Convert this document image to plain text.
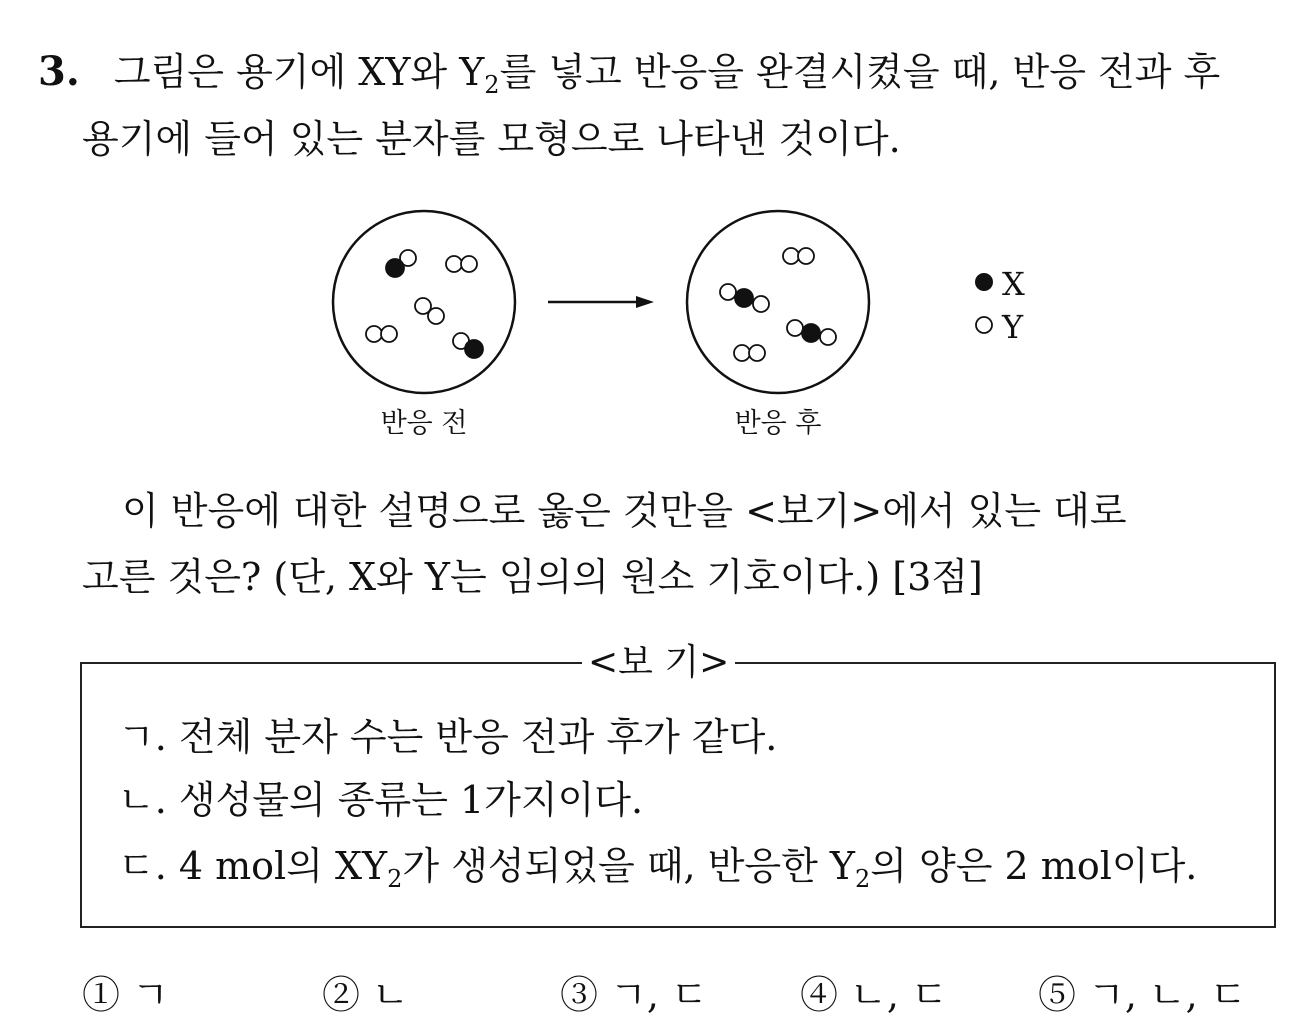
3. 그림은 용기에 XY와 $Y_2$를 넣고 반응을 완결시켰을 때, 반응 전과 후
용기에 들어 있는 분자를 모형으로 나타낸 것이다.
반응 전	반응 후
X
Y
이 반응에 대한 설명으로 옳은 것만을 <보기>에서 있는 대로
고른 것은? (단, X와 Y는 임의의 원소 기호이다.) [3점]
<보 기>
ㄱ. 전체 분자 수는 반응 전과 후가 같다.
ㄴ. 생성물의 종류는 1가지이다.
ㄷ. 4 mol의 $XY_2$가 생성되었을 때, 반응한 $Y_2$의 양은 2 mol이다.
① ㄱ	② ㄴ	③ ㄱ, ㄷ ④ ㄴ, ㄷ ⑤ ㄱ, ㄴ, ㄷ
